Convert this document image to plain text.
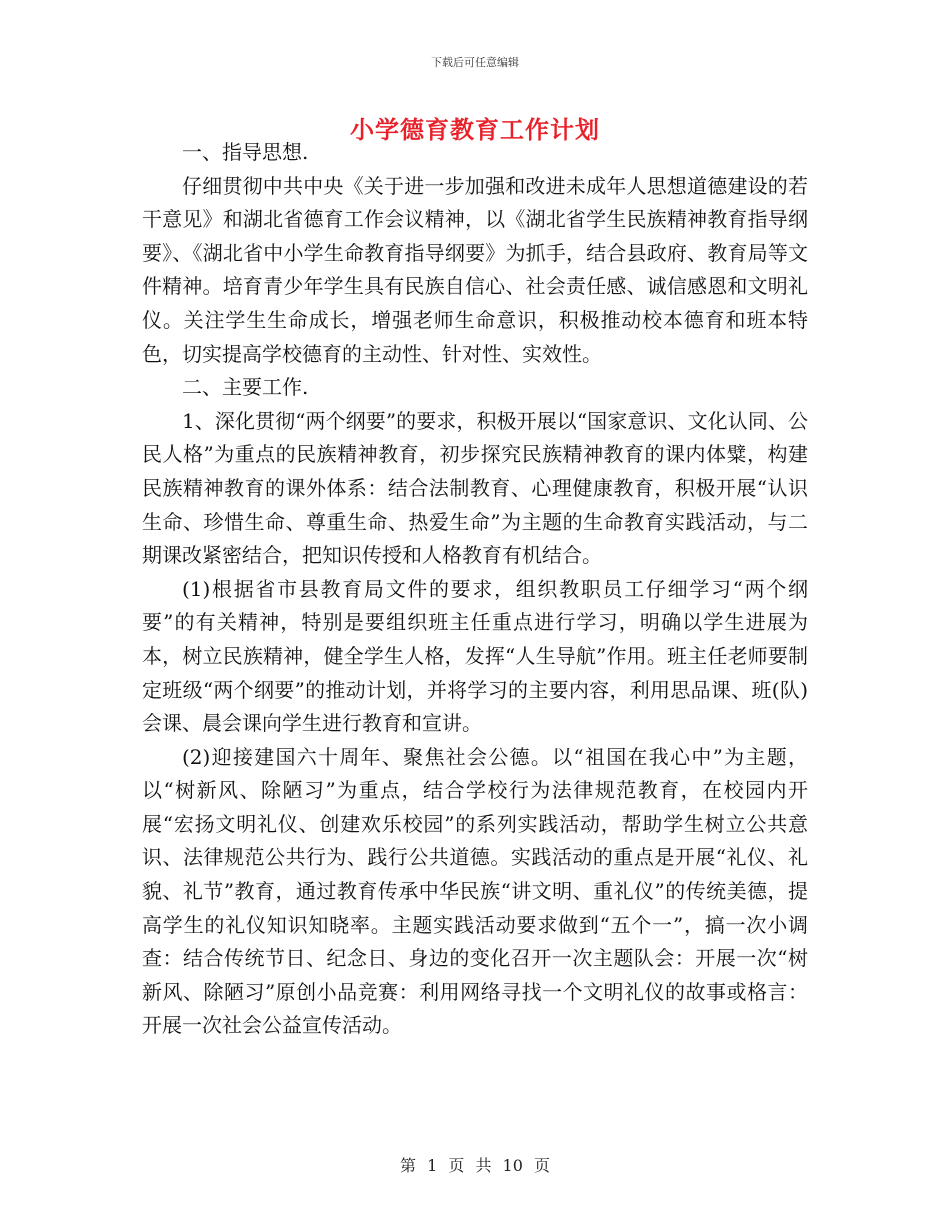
下载后可任意编辑
小学德育教育工作计划

一、指导思想.

仔细贯彻中共中央《关于进一步加强和改进未成年人思想道德建设的若干意见》和湖北省德育工作会议精神，以《湖北省学生民族精神教育指导纲要》、《湖北省中小学生命教育指导纲要》为抓手，结合县政府、教育局等文件精神。培育青少年学生具有民族自信心、社会责任感、诚信感恩和文明礼仪。关注学生生命成长，增强老师生命意识，积极推动校本德育和班本特色，切实提高学校德育的主动性、针对性、实效性。

二、主要工作.

1、深化贯彻“两个纲要”的要求，积极开展以“国家意识、文化认同、公民人格”为重点的民族精神教育，初步探究民族精神教育的课内体糪，构建民族精神教育的课外体系：结合法制教育、心理健康教育，积极开展“认识生命、珍惜生命、尊重生命、热爱生命”为主题的生命教育实践活动，与二期课改紧密结合，把知识传授和人格教育有机结合。

(1)根据省市县教育局文件的要求，组织教职员工仔细学习“两个纲要”的有关精神，特别是要组织班主任重点进行学习，明确以学生进展为本，树立民族精神，健全学生人格，发挥“人生导航”作用。班主任老师要制定班级“两个纲要”的推动计划，并将学习的主要内容，利用思品课、班(队)会课、晨会课向学生进行教育和宣讲。

(2)迎接建国六十周年、聚焦社会公德。以“祖国在我心中”为主题，以“树新风、除陋习”为重点，结合学校行为法律规范教育，在校园内开展“宏扬文明礼仪、创建欢乐校园”的系列实践活动，帮助学生树立公共意识、法律规范公共行为、践行公共道德。实践活动的重点是开展“礼仪、礼貌、礼节”教育，通过教育传承中华民族“讲文明、重礼仪”的传统美德，提高学生的礼仪知识知晓率。主题实践活动要求做到“五个一”，搞一次小调查：结合传统节日、纪念日、身边的变化召开一次主题队会：开展一次“树新风、除陋习”原创小品竞赛：利用网络寻找一个文明礼仪的故事或格言：开展一次社会公益宣传活动。

第 1 页 共 10 页
